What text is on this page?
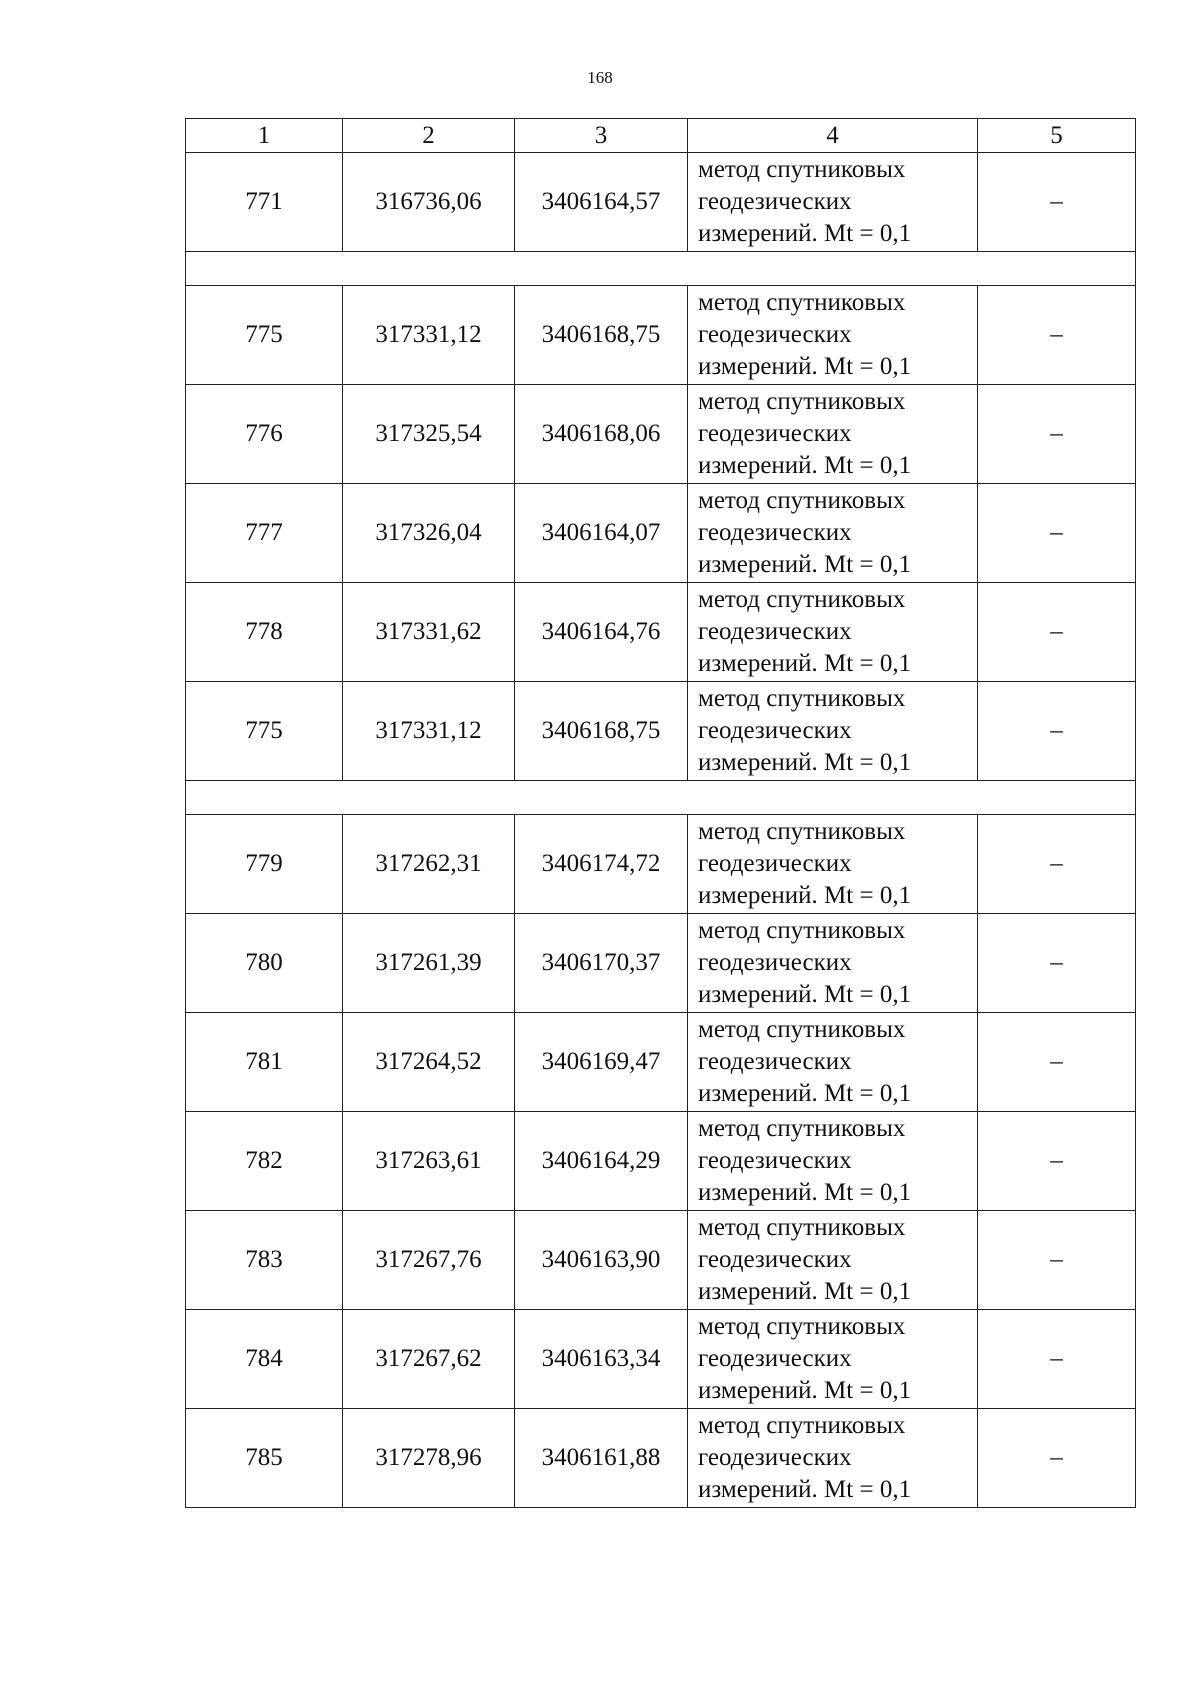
168
1	2	3	4	5
771	316736,06	3406164,57	метод спутниковых
геодезических
измерений. Mt = 0,1	–

775	317331,12	3406168,75	метод спутниковых
геодезических
измерений. Mt = 0,1	–
776	317325,54	3406168,06	метод спутниковых
геодезических
измерений. Mt = 0,1	–
777	317326,04	3406164,07	метод спутниковых
геодезических
измерений. Mt = 0,1	–
778	317331,62	3406164,76	метод спутниковых
геодезических
измерений. Mt = 0,1	–
775	317331,12	3406168,75	метод спутниковых
геодезических
измерений. Mt = 0,1	–

779	317262,31	3406174,72	метод спутниковых
геодезических
измерений. Mt = 0,1	–
780	317261,39	3406170,37	метод спутниковых
геодезических
измерений. Mt = 0,1	–
781	317264,52	3406169,47	метод спутниковых
геодезических
измерений. Mt = 0,1	–
782	317263,61	3406164,29	метод спутниковых
геодезических
измерений. Mt = 0,1	–
783	317267,76	3406163,90	метод спутниковых
геодезических
измерений. Mt = 0,1	–
784	317267,62	3406163,34	метод спутниковых
геодезических
измерений. Mt = 0,1	–
785	317278,96	3406161,88	метод спутниковых
геодезических
измерений. Mt = 0,1	–
